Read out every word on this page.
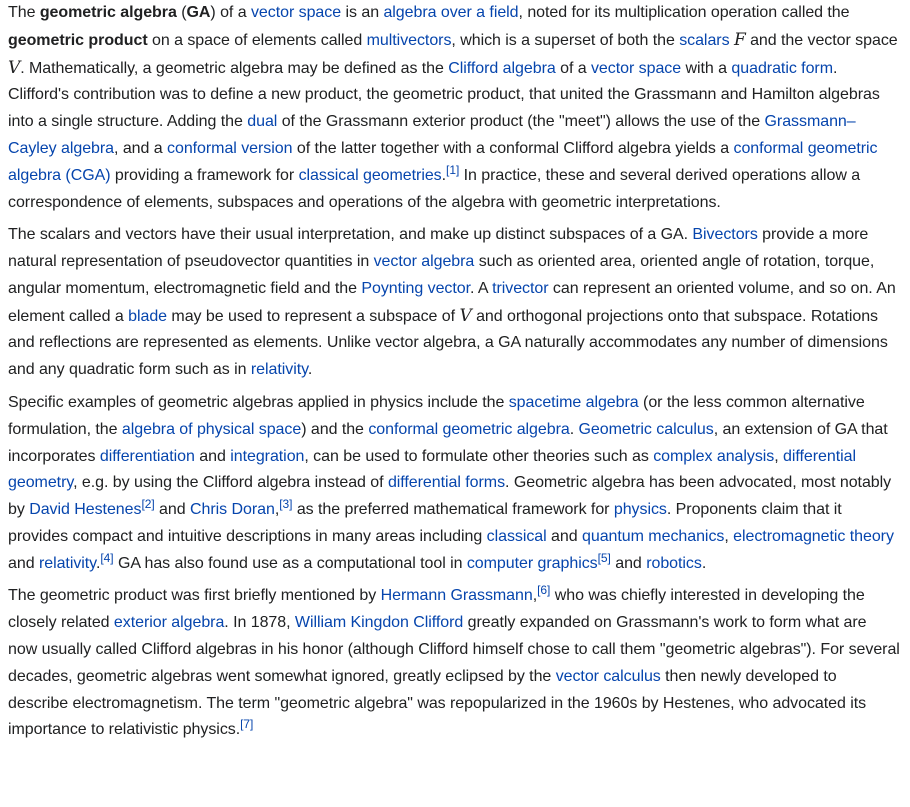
The geometric algebra (GA) of a vector space is an algebra over a field, noted for its multiplication operation called the geometric product on a space of elements called multivectors, which is a superset of both the scalars F and the vector space V. Mathematically, a geometric algebra may be defined as the Clifford algebra of a vector space with a quadratic form. Clifford's contribution was to define a new product, the geometric product, that united the Grassmann and Hamilton algebras into a single structure. Adding the dual of the Grassmann exterior product (the "meet") allows the use of the Grassmann–Cayley algebra, and a conformal version of the latter together with a conformal Clifford algebra yields a conformal geometric algebra (CGA) providing a framework for classical geometries.[1] In practice, these and several derived operations allow a correspondence of elements, subspaces and operations of the algebra with geometric interpretations.

The scalars and vectors have their usual interpretation, and make up distinct subspaces of a GA. Bivectors provide a more natural representation of pseudovector quantities in vector algebra such as oriented area, oriented angle of rotation, torque, angular momentum, electromagnetic field and the Poynting vector. A trivector can represent an oriented volume, and so on. An element called a blade may be used to represent a subspace of V and orthogonal projections onto that subspace. Rotations and reflections are represented as elements. Unlike vector algebra, a GA naturally accommodates any number of dimensions and any quadratic form such as in relativity.

Specific examples of geometric algebras applied in physics include the spacetime algebra (or the less common alternative formulation, the algebra of physical space) and the conformal geometric algebra. Geometric calculus, an extension of GA that incorporates differentiation and integration, can be used to formulate other theories such as complex analysis, differential geometry, e.g. by using the Clifford algebra instead of differential forms. Geometric algebra has been advocated, most notably by David Hestenes[2] and Chris Doran,[3] as the preferred mathematical framework for physics. Proponents claim that it provides compact and intuitive descriptions in many areas including classical and quantum mechanics, electromagnetic theory and relativity.[4] GA has also found use as a computational tool in computer graphics[5] and robotics.

The geometric product was first briefly mentioned by Hermann Grassmann,[6] who was chiefly interested in developing the closely related exterior algebra. In 1878, William Kingdon Clifford greatly expanded on Grassmann's work to form what are now usually called Clifford algebras in his honor (although Clifford himself chose to call them "geometric algebras"). For several decades, geometric algebras went somewhat ignored, greatly eclipsed by the vector calculus then newly developed to describe electromagnetism. The term "geometric algebra" was repopularized in the 1960s by Hestenes, who advocated its importance to relativistic physics.[7]
